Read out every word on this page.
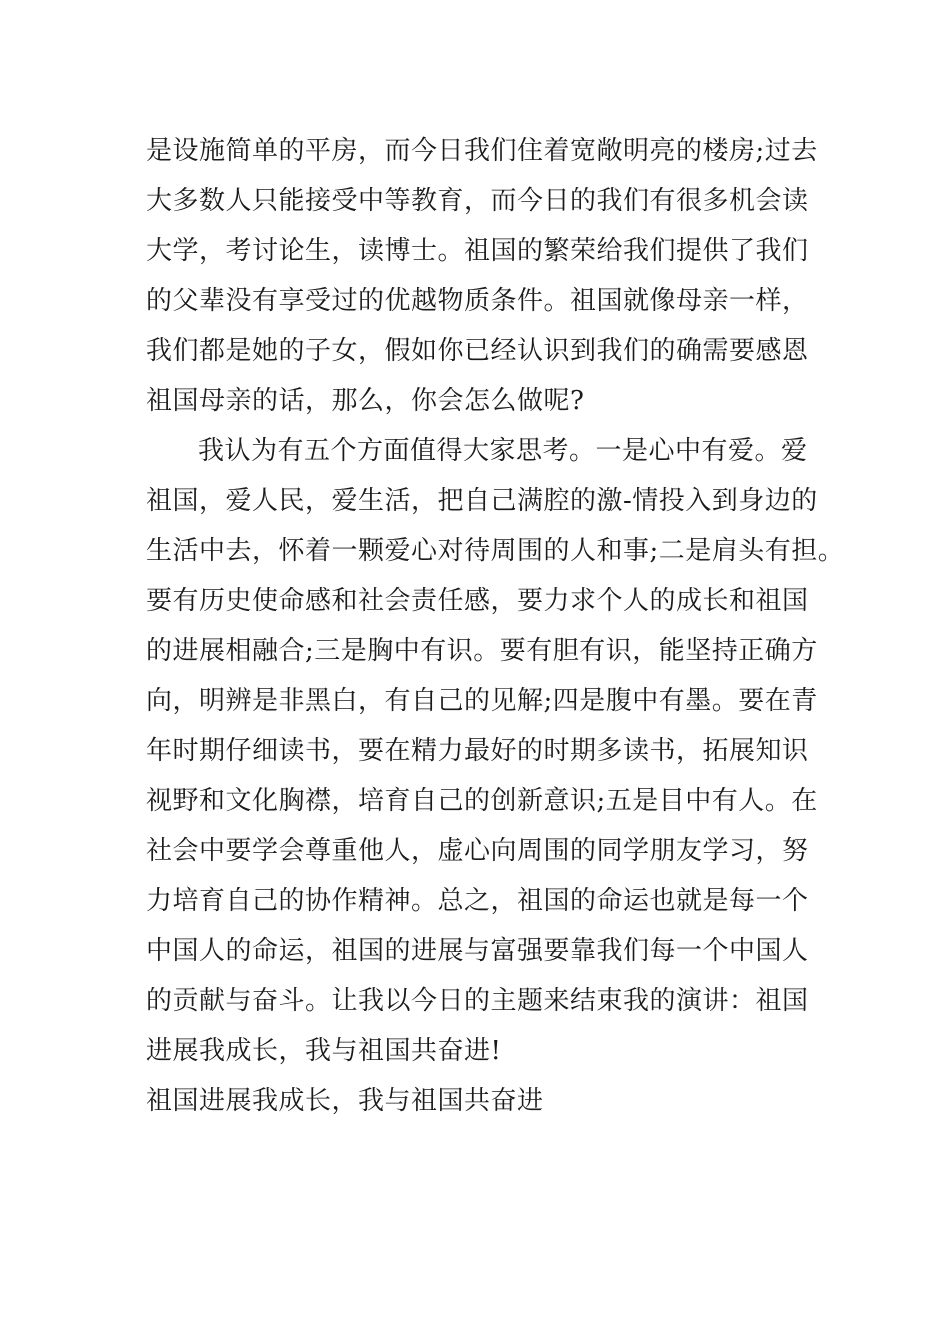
是设施简单的平房，而今日我们住着宽敞明亮的楼房;过去
大多数人只能接受中等教育，而今日的我们有很多机会读
大学，考讨论生，读博士。祖国的繁荣给我们提供了我们
的父辈没有享受过的优越物质条件。祖国就像母亲一样，
我们都是她的子女，假如你已经认识到我们的确需要感恩
祖国母亲的话，那么，你会怎么做呢?
我认为有五个方面值得大家思考。一是心中有爱。爱
祖国，爱人民，爱生活，把自己满腔的激-情投入到身边的
生活中去，怀着一颗爱心对待周围的人和事;二是肩头有担。
要有历史使命感和社会责任感，要力求个人的成长和祖国
的进展相融合;三是胸中有识。要有胆有识，能坚持正确方
向，明辨是非黑白，有自己的见解;四是腹中有墨。要在青
年时期仔细读书，要在精力最好的时期多读书，拓展知识
视野和文化胸襟，培育自己的创新意识;五是目中有人。在
社会中要学会尊重他人，虚心向周围的同学朋友学习，努
力培育自己的协作精神。总之，祖国的命运也就是每一个
中国人的命运，祖国的进展与富强要靠我们每一个中国人
的贡献与奋斗。让我以今日的主题来结束我的演讲：祖国
进展我成长，我与祖国共奋进!
祖国进展我成长，我与祖国共奋进
